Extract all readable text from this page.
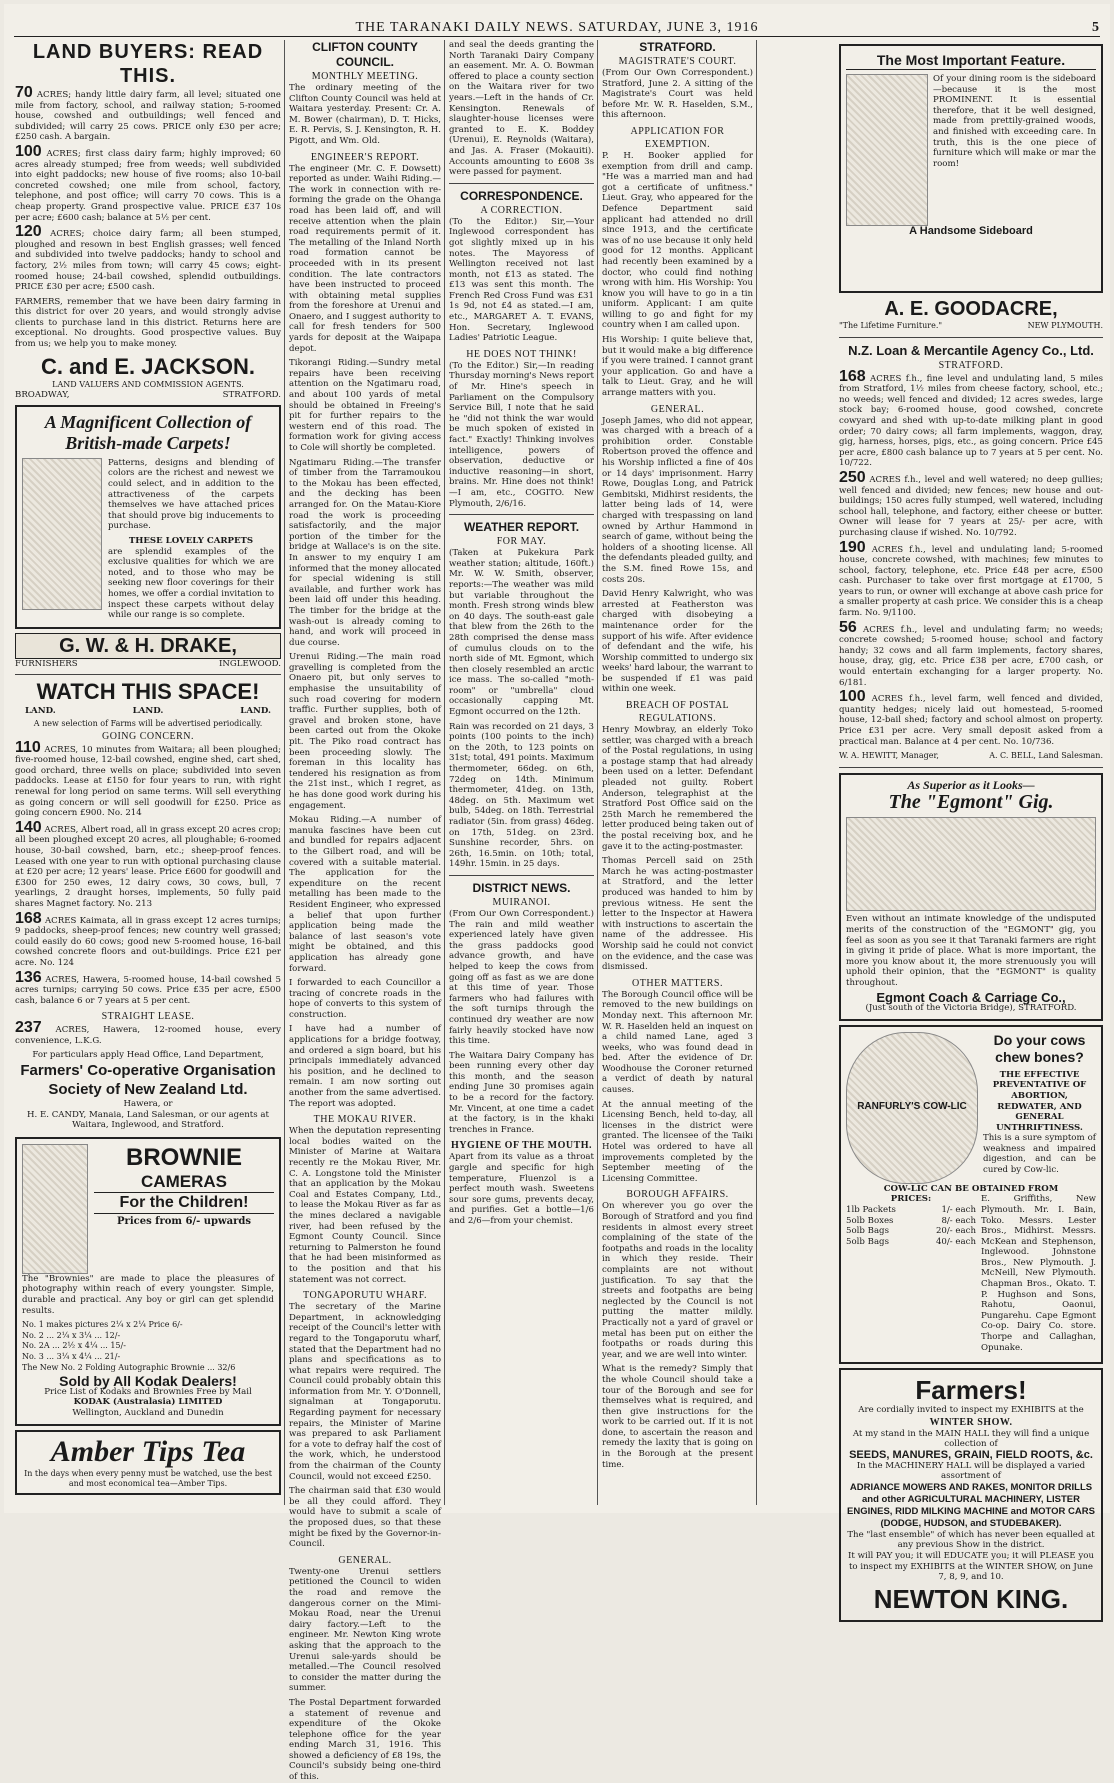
THE TARANAKI DAILY NEWS. SATURDAY, JUNE 3, 1916	5
LAND BUYERS: READ THIS.

70 ACRES; handy little dairy farm, all level; situated one mile from factory, school, and railway station; 5-roomed house, cowshed and outbuildings; well fenced and subdivided; will carry 25 cows. PRICE only £30 per acre; £250 cash. A bargain.

100 ACRES; first class dairy farm; highly improved; 60 acres already stumped; free from weeds; well subdivided into eight paddocks; new house of five rooms; also 10-bail concreted cowshed; one mile from school, factory, telephone, and post office; will carry 70 cows. This is a cheap property. Grand prospective value. PRICE £37 10s per acre; £600 cash; balance at 5½ per cent.

120 ACRES; choice dairy farm; all been stumped, ploughed and resown in best English grasses; well fenced and subdivided into twelve paddocks; handy to school and factory, 2½ miles from town; will carry 45 cows; eight-roomed house; 24-bail cowshed, splendid outbuildings. PRICE £30 per acre; £500 cash.

FARMERS, remember that we have been dairy farming in this district for over 20 years, and would strongly advise clients to purchase land in this district. Returns here are exceptional. No droughts. Good prospective values. Buy from us; we help you to make money.

C. and E. JACKSON.
LAND VALUERS AND COMMISSION AGENTS.
BROADWAY,	STRATFORD.
A Magnificent Collection of British-made Carpets!

Patterns, designs and blending of colors are the richest and newest we could select, and in addition to the attractiveness of the carpets themselves we have attached prices that should prove big inducements to purchase.

THESE LOVELY CARPETS

are splendid examples of the exclusive qualities for which we are noted, and to those who may be seeking new floor coverings for their homes, we offer a cordial invitation to inspect these carpets without delay while our range is so complete.

G. W. & H. DRAKE,
FURNISHERS	INGLEWOOD.
WATCH THIS SPACE!
LAND.	LAND.	LAND.
A new selection of Farms will be advertised periodically.
GOING CONCERN.

110 ACRES, 10 minutes from Waitara; all been ploughed; five-roomed house, 12-bail cowshed, engine shed, cart shed, good orchard, three wells on place; subdivided into seven paddocks. Lease at £150 for four years to run, with right renewal for long period on same terms. Will sell everything as going concern or will sell goodwill for £250. Price as going concern £900. No. 214

140 ACRES, Albert road, all in grass except 20 acres crop; all been ploughed except 20 acres, all ploughable; 6-roomed house, 30-bail cowshed, barn, etc.; sheep-proof fences. Leased with one year to run with optional purchasing clause at £20 per acre; 12 years' lease. Price £600 for goodwill and £300 for 250 ewes, 12 dairy cows, 30 cows, bull, 7 yearlings, 2 draught horses, implements, 50 fully paid shares Magnet factory. No. 213

168 ACRES Kaimata, all in grass except 12 acres turnips; 9 paddocks, sheep-proof fences; new country well grassed; could easily do 60 cows; good new 5-roomed house, 16-bail cowshed concrete floors and out-buildings. Price £21 per acre. No. 124

136 ACRES, Hawera, 5-roomed house, 14-bail cowshed 5 acres turnips; carrying 50 cows. Price £35 per acre, £500 cash, balance 6 or 7 years at 5 per cent.

STRAIGHT LEASE.

237 ACRES, Hawera, 12-roomed house, every convenience, L.K.G.

For particulars apply Head Office, Land Department,
Farmers' Co-operative Organisation Society of New Zealand Ltd.
Hawera, or
H. E. CANDY, Manaia, Land Salesman, or our agents at Waitara, Inglewood, and Stratford.
BROWNIE
CAMERAS
For the Children!
Prices from 6/- upwards

The "Brownies" are made to place the pleasures of photography within reach of every youngster. Simple, durable and practical. Any boy or girl can get splendid results.

No. 1 makes pictures 2¼ x 2¼ Price 6/-
No. 2 ... 2¼ x 3¼ ... 12/-
No. 2A ... 2½ x 4¼ ... 15/-
No. 3 ... 3¼ x 4¼ ... 21/-
The New No. 2 Folding Autographic Brownie ... 32/6
Sold by All Kodak Dealers!
Price List of Kodaks and Brownies Free by Mail
KODAK (Australasia) LIMITED
Wellington, Auckland and Dunedin
Amber Tips Tea
In the days when every penny must be watched, use the best and most economical tea—Amber Tips.
CLIFTON COUNTY COUNCIL.
MONTHLY MEETING.

The ordinary meeting of the Clifton County Council was held at Waitara yesterday. Present: Cr. A. M. Bower (chairman), D. T. Hicks, E. R. Pervis, S. J. Kensington, R. H. Pigott, and Wm. Old.

ENGINEER'S REPORT.

The engineer (Mr. C. F. Dowsett) reported as under. Waihi Riding.—The work in connection with re-forming the grade on the Ohanga road has been laid off, and will receive attention when the plain road requirements permit of it. The metalling of the Inland North road formation cannot be proceeded with in its present condition. The late contractors have been instructed to proceed with obtaining metal supplies from the foreshore at Urenui and Onaero, and I suggest authority to call for fresh tenders for 500 yards for deposit at the Waipapa depot.

Tikorangi Riding.—Sundry metal repairs have been receiving attention on the Ngatimaru road, and about 100 yards of metal should be obtained in Freeing's pit for further repairs to the western end of this road. The formation work for giving access to Cole will shortly be completed.

Ngatimaru Riding.—The transfer of timber from the Tarramoukou to the Mokau has been effected, and the decking has been arranged for. On the Matau-Kiore road the work is proceeding satisfactorily, and the major portion of the timber for the bridge at Wallace's is on the site. In answer to my enquiry I am informed that the money allocated for special widening is still available, and further work has been laid off under this heading. The timber for the bridge at the wash-out is already coming to hand, and work will proceed in due course.

Urenui Riding.—The main road gravelling is completed from the Onaero pit, but only serves to emphasise the unsuitability of such road covering for modern traffic. Further supplies, both of gravel and broken stone, have been carted out from the Okoke pit. The Piko road contract has been proceeding slowly. The foreman in this locality has tendered his resignation as from the 21st inst., which I regret, as he has done good work during his engagement.

Mokau Riding.—A number of manuka fascines have been cut and bundled for repairs adjacent to the Gilbert road, and will be covered with a suitable material. The application for the expenditure on the recent metalling has been made to the Resident Engineer, who expressed a belief that upon further application being made the balance of last season's vote might be obtained, and this application has already gone forward.

I forwarded to each Councillor a tracing of concrete roads in the hope of converts to this system of construction.

I have had a number of applications for a bridge footway, and ordered a sign board, but his principals immediately advanced his position, and he declined to remain. I am now sorting out another from the same advertised. The report was adopted.

THE MOKAU RIVER.

When the deputation representing local bodies waited on the Minister of Marine at Waitara recently re the Mokau River, Mr. C. A. Longstone told the Minister that an application by the Mokau Coal and Estates Company, Ltd., to lease the Mokau River as far as the mines declared a navigable river, had been refused by the Egmont County Council. Since returning to Palmerston he found that he had been misinformed as to the position and that his statement was not correct.

TONGAPORUTU WHARF.

The secretary of the Marine Department, in acknowledging receipt of the Council's letter with regard to the Tongaporutu wharf, stated that the Department had no plans and specifications as to what repairs were required. The Council could probably obtain this information from Mr. Y. O'Donnell, signalman at Tongaporutu. Regarding payment for necessary repairs, the Minister of Marine was prepared to ask Parliament for a vote to defray half the cost of the work, which, he understood from the chairman of the County Council, would not exceed £250.

The chairman said that £30 would be all they could afford. They would have to submit a scale of the proposed dues, so that these might be fixed by the Governor-in-Council.

GENERAL.

Twenty-one Urenui settlers petitioned the Council to widen the road and remove the dangerous corner on the Mimi-Mokau Road, near the Urenui dairy factory.—Left to the engineer. Mr. Newton King wrote asking that the approach to the Urenui sale-yards should be metalled.—The Council resolved to consider the matter during the summer.

The Postal Department forwarded a statement of revenue and expenditure of the Okoke telephone office for the year ending March 31, 1916. This showed a deficiency of £8 19s, the Council's subsidy being one-third of this.

and seal the deeds granting the North Taranaki Dairy Company an easement. Mr. A. O. Bowman offered to place a county section on the Waitara river for two years.—Left in the hands of Cr. Kensington. Renewals of slaughter-house licenses were granted to E. K. Boddey (Urenui), E. Reynolds (Waitara), and Jas. A. Fraser (Mokauiti). Accounts amounting to £608 3s were passed for payment.

CORRESPONDENCE.
A CORRECTION.

(To the Editor.) Sir,—Your Inglewood correspondent has got slightly mixed up in his notes. The Mayoress of Wellington received not last month, not £13 as stated. The £13 was sent this month. The French Red Cross Fund was £31 1s 9d, not £4 as stated.—I am, etc., MARGARET A. T. EVANS, Hon. Secretary, Inglewood Ladies' Patriotic League.

HE DOES NOT THINK!

(To the Editor.) Sir,—In reading Thursday morning's News report of Mr. Hine's speech in Parliament on the Compulsory Service Bill, I note that he said he "did not think the war would be much spoken of existed in fact." Exactly! Thinking involves intelligence, powers of observation, deductive or inductive reasoning—in short, brains. Mr. Hine does not think!—I am, etc., COGITO. New Plymouth, 2/6/16.

WEATHER REPORT.
FOR MAY.

(Taken at Pukekura Park weather station; altitude, 160ft.) Mr. W. W. Smith, observer, reports:—The weather was mild but variable throughout the month. Fresh strong winds blew on 40 days. The south-east gale that blew from the 26th to the 28th comprised the dense mass of cumulus clouds on to the north side of Mt. Egmont, which then closely resembled an arctic ice mass. The so-called "moth-room" or "umbrella" cloud occasionally capping Mt. Egmont occurred on the 12th.

Rain was recorded on 21 days, 3 points (100 points to the inch) on the 20th, to 123 points on 31st; total, 491 points. Maximum thermometer, 66deg. on 6th, 72deg on 14th. Minimum thermometer, 41deg. on 13th, 48deg. on 5th. Maximum wet bulb, 54deg. on 18th. Terrestrial radiator (5in. from grass) 46deg. on 17th, 51deg. on 23rd. Sunshine recorder, 5hrs. on 26th, 16.5min. on 10th; total, 149hr. 15min. in 25 days.

DISTRICT NEWS.
MUIRANOI.

(From Our Own Correspondent.) The rain and mild weather experienced lately have given the grass paddocks good advance growth, and have helped to keep the cows from going off as fast as we are done at this time of year. Those farmers who had failures with the soft turnips through the continued dry weather are now fairly heavily stocked have now this time.

The Waitara Dairy Company has been running every other day this month, and the season ending June 30 promises again to be a record for the factory. Mr. Vincent, at one time a cadet at the factory, is in the khaki trenches in France.

HYGIENE OF THE MOUTH.

Apart from its value as a throat gargle and specific for high temperature, Fluenzol is a perfect mouth wash. Sweetens sour sore gums, prevents decay, and purifies. Get a bottle—1/6 and 2/6—from your chemist.

STRATFORD.
MAGISTRATE'S COURT.

(From Our Own Correspondent.) Stratford, June 2. A sitting of the Magistrate's Court was held before Mr. W. R. Haselden, S.M., this afternoon.

APPLICATION FOR EXEMPTION.

P. H. Booker applied for exemption from drill and camp. "He was a married man and had got a certificate of unfitness." Lieut. Gray, who appeared for the Defence Department said applicant had attended no drill since 1913, and the certificate was of no use because it only held good for 12 months. Applicant had recently been examined by a doctor, who could find nothing wrong with him. His Worship: You know you will have to go in a tin uniform. Applicant: I am quite willing to go and fight for my country when I am called upon.

His Worship: I quite believe that, but it would make a big difference if you were trained. I cannot grant your application. Go and have a talk to Lieut. Gray, and he will arrange matters with you.

GENERAL.

Joseph James, who did not appear, was charged with a breach of a prohibition order. Constable Robertson proved the offence and his Worship inflicted a fine of 40s or 14 days' imprisonment. Harry Rowe, Douglas Long, and Patrick Gembitski, Midhirst residents, the latter being lads of 14, were charged with trespassing on land owned by Arthur Hammond in search of game, without being the holders of a shooting license. All the defendants pleaded guilty, and the S.M. fined Rowe 15s, and costs 20s.

David Henry Kalwright, who was arrested at Featherston was charged with disobeying a maintenance order for the support of his wife. After evidence of defendant and the wife, his Worship committed to undergo six weeks' hard labour, the warrant to be suspended if £1 was paid within one week.

BREACH OF POSTAL REGULATIONS.

Henry Mowbray, an elderly Toko settler, was charged with a breach of the Postal regulations, in using a postage stamp that had already been used on a letter. Defendant pleaded not guilty. Robert Anderson, telegraphist at the Stratford Post Office said on the 25th March he remembered the letter produced being taken out of the postal receiving box, and he gave it to the acting-postmaster.

Thomas Percell said on 25th March he was acting-postmaster at Stratford, and the letter produced was handed to him by previous witness. He sent the letter to the Inspector at Hawera with instructions to ascertain the name of the addressee. His Worship said he could not convict on the evidence, and the case was dismissed.

OTHER MATTERS.

The Borough Council office will be removed to the new buildings on Monday next. This afternoon Mr. W. R. Haselden held an inquest on a child named Lane, aged 3 weeks, who was found dead in bed. After the evidence of Dr. Woodhouse the Coroner returned a verdict of death by natural causes.

At the annual meeting of the Licensing Bench, held to-day, all licenses in the district were granted. The licensee of the Taiki Hotel was ordered to have all improvements completed by the September meeting of the Licensing Committee.

BOROUGH AFFAIRS.

On wherever you go over the Borough of Stratford and you find residents in almost every street complaining of the state of the footpaths and roads in the locality in which they reside. Their complaints are not without justification. To say that the streets and footpaths are being neglected by the Council is not putting the matter mildly. Practically not a yard of gravel or metal has been put on either the footpaths or roads during this year, and we are well into winter.

What is the remedy? Simply that the whole Council should take a tour of the Borough and see for themselves what is required, and then give instructions for the work to be carried out. If it is not done, to ascertain the reason and remedy the laxity that is going on in the Borough at the present time.

The Most Important Feature.

Of your dining room is the sideboard—because it is the most PROMINENT. It is essential therefore, that it be well designed, made from prettily-grained woods, and finished with exceeding care. In truth, this is the one piece of furniture which will make or mar the room!

A Handsome Sideboard
A. E. GOODACRE,
"The Lifetime Furniture."	NEW PLYMOUTH.
N.Z. Loan & Mercantile Agency Co., Ltd.
STRATFORD.

168 ACRES f.h., fine level and undulating land, 5 miles from Stratford, 1½ miles from cheese factory, school, etc.; no weeds; well fenced and divided; 12 acres swedes, large stock bay; 6-roomed house, good cowshed, concrete cowyard and shed with up-to-date milking plant in good order; 70 dairy cows; all farm implements, waggon, dray, gig, harness, horses, pigs, etc., as going concern. Price £45 per acre, £800 cash balance up to 7 years at 5 per cent. No. 10/722.

250 ACRES f.h., level and well watered; no deep gullies; well fenced and divided; new fences; new house and out-buildings; 150 acres fully stumped, well watered, including school hall, telephone, and factory, either cheese or butter. Owner will lease for 7 years at 25/- per acre, with purchasing clause if wished. No. 10/792.

190 ACRES f.h., level and undulating land; 5-roomed house, concrete cowshed, with machines; few minutes to school, factory, telephone, etc. Price £48 per acre, £500 cash. Purchaser to take over first mortgage at £1700, 5 years to run, or owner will exchange at above cash price for a smaller property at cash price. We consider this is a cheap farm. No. 9/1100.

56 ACRES f.h., level and undulating farm; no weeds; concrete cowshed; 5-roomed house; school and factory handy; 32 cows and all farm implements, factory shares, house, dray, gig, etc. Price £38 per acre, £700 cash, or would entertain exchanging for a larger property. No. 6/181.

100 ACRES f.h., level farm, well fenced and divided, quantity hedges; nicely laid out homestead, 5-roomed house, 12-bail shed; factory and school almost on property. Price £31 per acre. Very small deposit asked from a practical man. Balance at 4 per cent. No. 10/736.

W. A. HEWITT, Manager,	A. C. BELL, Land Salesman.
As Superior as it Looks—
The "Egmont" Gig.

Even without an intimate knowledge of the undisputed merits of the construction of the "EGMONT" gig, you feel as soon as you see it that Taranaki farmers are right in giving it pride of place. What is more important, the more you know about it, the more strenuously you will uphold their opinion, that the "EGMONT" is quality throughout.

Egmont Coach & Carriage Co.,
(Just south of the Victoria Bridge), STRATFORD.
RANFURLY'S COW-LIC
Do your cows chew bones?
THE EFFECTIVE PREVENTATIVE OF ABORTION, REDWATER, AND GENERAL UNTHRIFTINESS.

This is a sure symptom of weakness and impaired digestion, and can be cured by Cow-lic.

COW-LIC CAN BE OBTAINED FROM
PRICES:
1lb Packets	1/- each
5olb Boxes	8/- each
5olb Bags	20/- each
5olb Bags	40/- each

E. Griffiths, New Plymouth. Mr. I. Bain, Toko. Messrs. Lester Bros., Midhirst. Messrs. McKean and Stephenson, Inglewood. Johnstone Bros., New Plymouth. J. McNeill, New Plymouth. Chapman Bros., Okato. T. P. Hughson and Sons, Rahotu, Oaonui, Pungarehu. Cape Egmont Co-op. Dairy Co. store. Thorpe and Callaghan, Opunake.

Farmers!
Are cordially invited to inspect my EXHIBITS at the
WINTER SHOW.
At my stand in the MAIN HALL they will find a unique collection of
SEEDS, MANURES, GRAIN, FIELD ROOTS, &c.
In the MACHINERY HALL will be displayed a varied assortment of
ADRIANCE MOWERS AND RAKES, MONITOR DRILLS and other AGRICULTURAL MACHINERY, LISTER ENGINES, RIDD MILKING MACHINE and MOTOR CARS (DODGE, HUDSON, and STUDEBAKER).
The "last ensemble" of which has never been equalled at any previous Show in the district.
It will PAY you; it will EDUCATE you; it will PLEASE you to inspect my EXHIBITS at the WINTER SHOW, on June 7, 8, 9, and 10.
NEWTON KING.
